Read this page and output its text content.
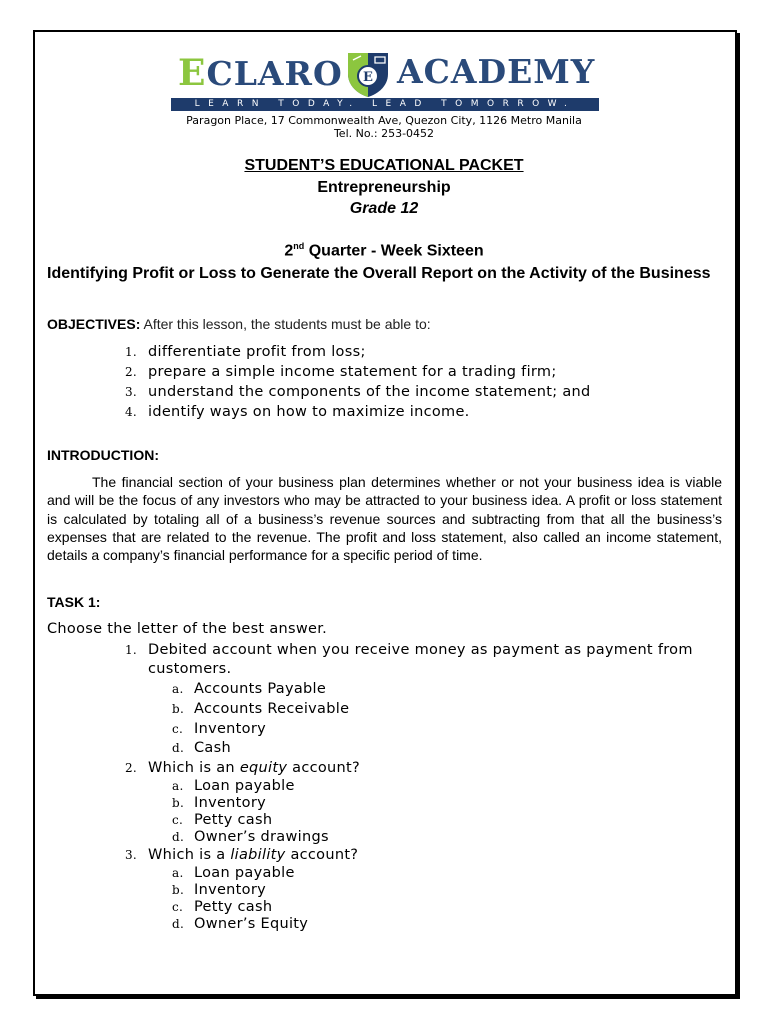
ECLARO E ACADEMY
LEARN TODAY. LEAD TOMORROW.
Paragon Place, 17 Commonwealth Ave, Quezon City, 1126 Metro Manila
Tel. No.: 253-0452
STUDENT’S EDUCATIONAL PACKET
Entrepreneurship
Grade 12
2nd Quarter - Week Sixteen
Identifying Profit or Loss to Generate the Overall Report on the Activity of the Business
OBJECTIVES: After this lesson, the students must be able to:
1. differentiate profit from loss;
2. prepare a simple income statement for a trading firm;
3. understand the components of the income statement; and
4. identify ways on how to maximize income.
INTRODUCTION:
The financial section of your business plan determines whether or not your business idea is viable and will be the focus of any investors who may be attracted to your business idea. A profit or loss statement is calculated by totaling all of a business’s revenue sources and subtracting from that all the business’s expenses that are related to the revenue. The profit and loss statement, also called an income statement, details a company’s financial performance for a specific period of time.
TASK 1:
Choose the letter of the best answer.
1. Debited account when you receive money as payment as payment from customers.
a. Accounts Payable
b. Accounts Receivable
c. Inventory
d. Cash
2. Which is an equity account?
a. Loan payable
b. Inventory
c. Petty cash
d. Owner’s drawings
3. Which is a liability account?
a. Loan payable
b. Inventory
c. Petty cash
d. Owner’s Equity
